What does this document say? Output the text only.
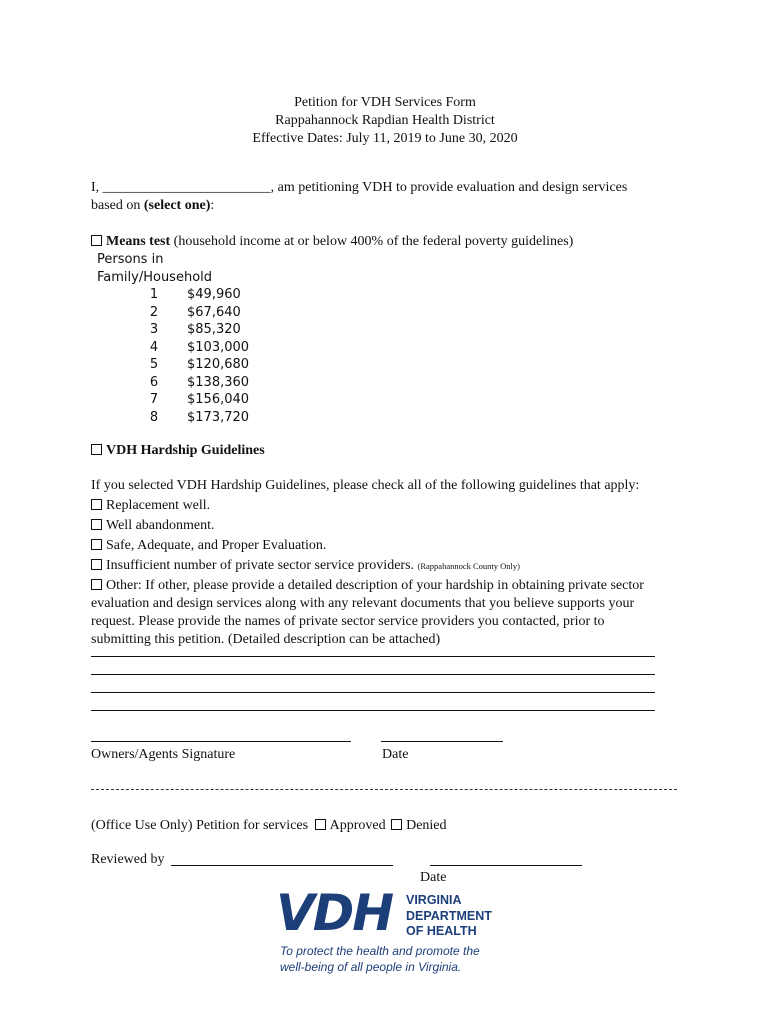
Petition for VDH Services Form
Rappahannock Rapdian Health District
Effective Dates: July 11, 2019 to June 30, 2020
I, ________________________, am petitioning VDH to provide evaluation and design services
based on (select one):
Means test (household income at or below 400% of the federal poverty guidelines)
Persons in
Family/Household
1	$49,960
2	$67,640
3	$85,320
4	$103,000
5	$120,680
6	$138,360
7	$156,040
8	$173,720
VDH Hardship Guidelines
If you selected VDH Hardship Guidelines, please check all of the following guidelines that apply:
Replacement well.
Well abandonment.
Safe, Adequate, and Proper Evaluation.
Insufficient number of private sector service providers. (Rappahannock County Only)
Other: If other, please provide a detailed description of your hardship in obtaining private sector
evaluation and design services along with any relevant documents that you believe supports your
request. Please provide the names of private sector service providers you contacted, prior to
submitting this petition. (Detailed description can be attached)
Owners/Agents Signature	Date
(Office Use Only) Petition for services Approved Denied
Reviewed by
Date
VDH VIRGINIA
DEPARTMENT
OF HEALTH
To protect the health and promote the
well-being of all people in Virginia.
